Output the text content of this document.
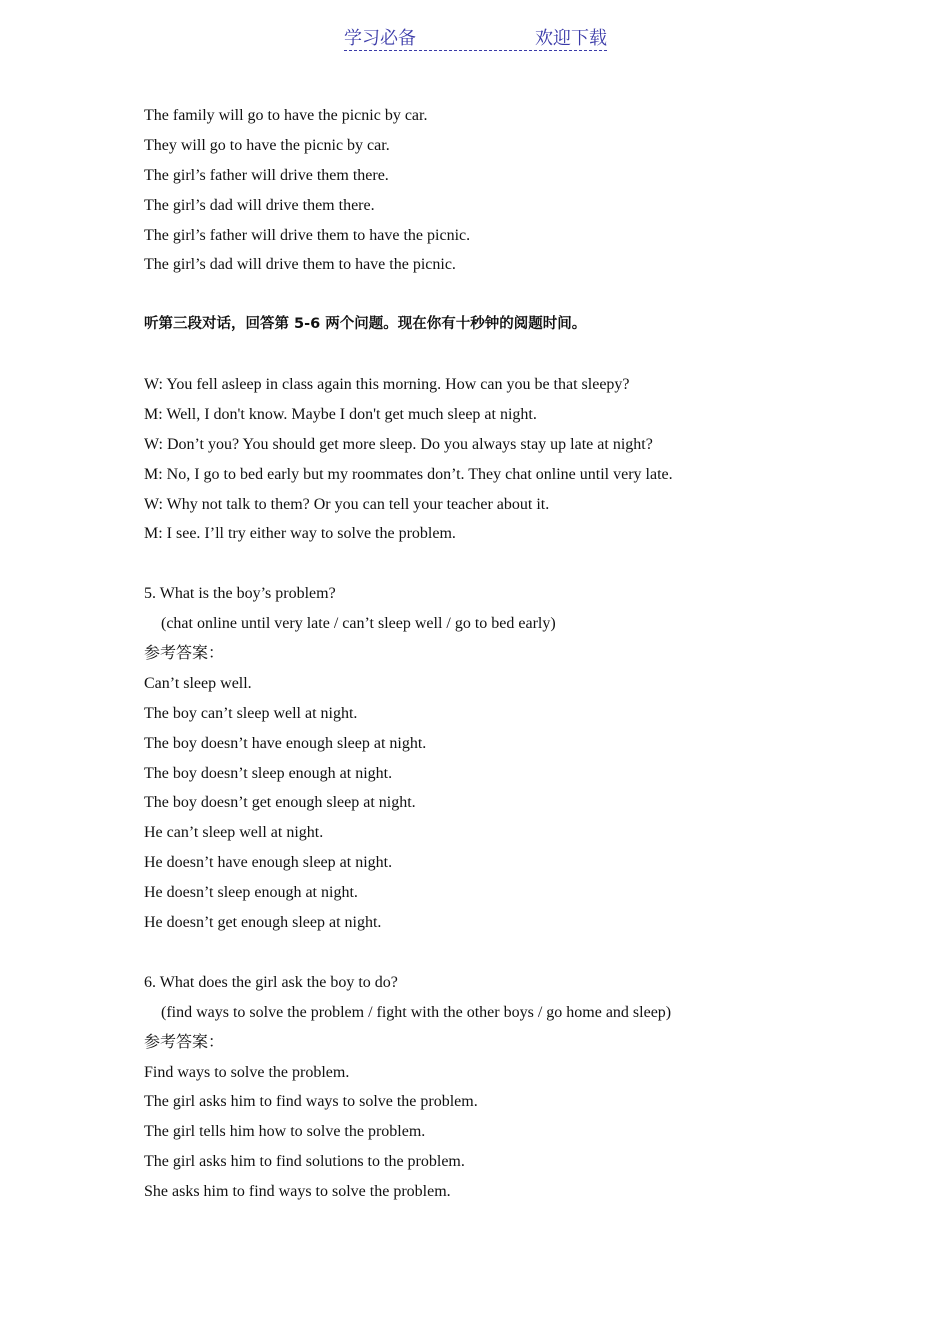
学习必备	欢迎下载
The family will go to have the picnic by car.
They will go to have the picnic by car.
The girl’s father will drive them there.
The girl’s dad will drive them there.
The girl’s father will drive them to have the picnic.
The girl’s dad will drive them to have the picnic.
听第三段对话，回答第 5-6 两个问题。现在你有十秒钟的阅题时间。
W: You fell asleep in class again this morning. How can you be that sleepy?
M: Well, I don't know. Maybe I don't get much sleep at night.
W: Don’t you? You should get more sleep. Do you always stay up late at night?
M: No, I go to bed early but my roommates don’t. They chat online until very late.
W: Why not talk to them? Or you can tell your teacher about it.
M: I see. I’ll try either way to solve the problem.
5. What is the boy’s problem?
(chat online until very late / can’t sleep well / go to bed early)
参考答案：
Can’t sleep well.
The boy can’t sleep well at night.
The boy doesn’t have enough sleep at night.
The boy doesn’t sleep enough at night.
The boy doesn’t get enough sleep at night.
He can’t sleep well at night.
He doesn’t have enough sleep at night.
He doesn’t sleep enough at night.
He doesn’t get enough sleep at night.
6. What does the girl ask the boy to do?
(find ways to solve the problem / fight with the other boys / go home and sleep)
参考答案：
Find ways to solve the problem.
The girl asks him to find ways to solve the problem.
The girl tells him how to solve the problem.
The girl asks him to find solutions to the problem.
She asks him to find ways to solve the problem.
